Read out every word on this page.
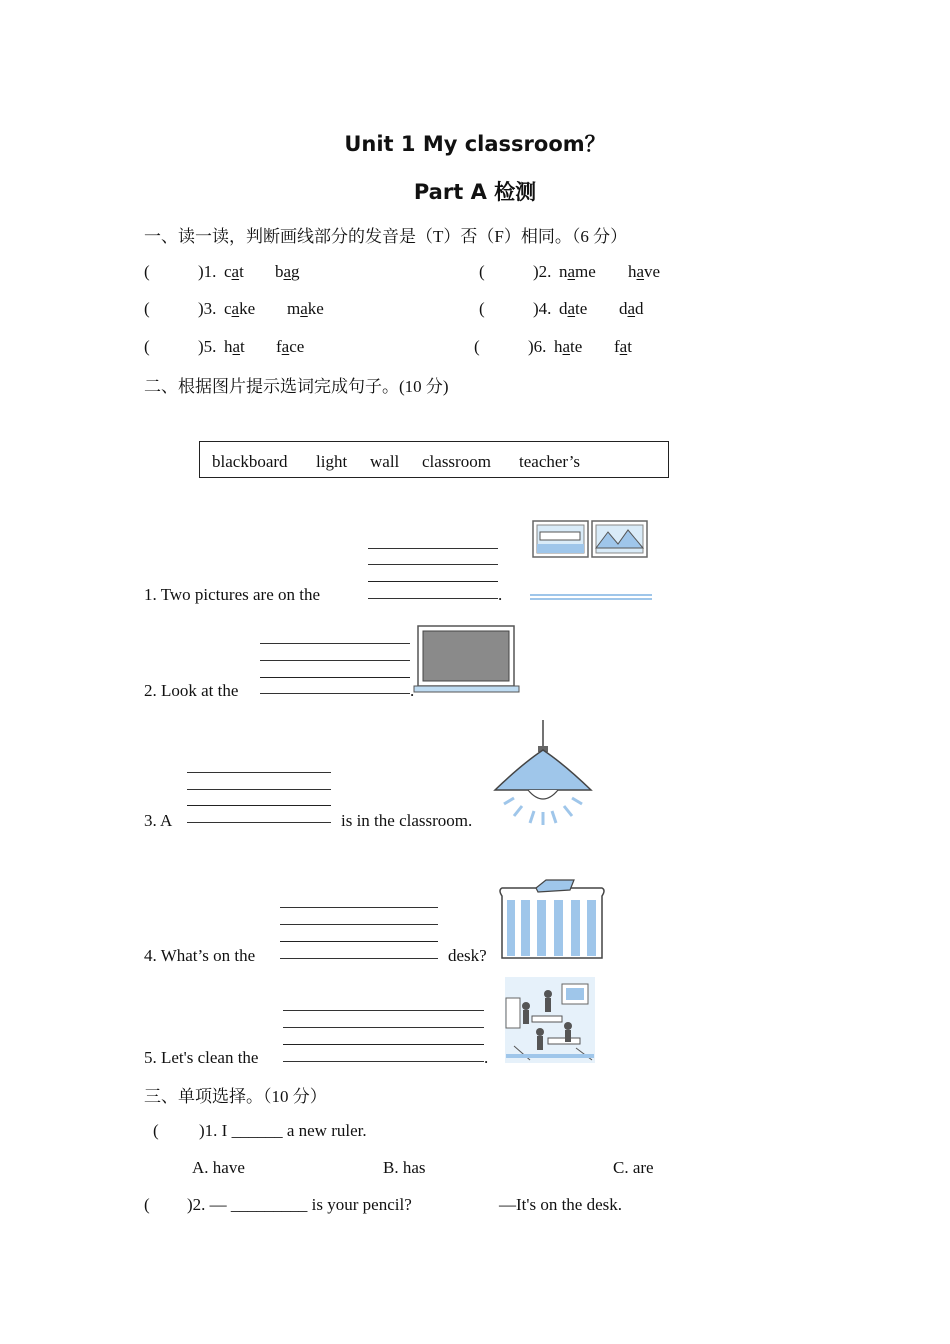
Unit 1 My classroom？
Part A 检测
一、读一读，判断画线部分的发音是（T）否（F）相同。（6 分）
(	)1. cat bag	(	)2. name have
(	)3. cake make	(	)4. date dad
(	)5. hat face	(	)6. hate fat
二、根据图片提示选词完成句子。(10 分)
blackboard light wall classroom teacher’s
1. Two pictures are on the	.
2. Look at the	.
3. A	is in the classroom.
4. What’s on the	desk?
5. Let's clean the	.
三、单项选择。（10 分）
( )1. I ______ a new ruler.
A. have	B. has	C. are
( )2. — _________ is your pencil?	—It's on the desk.
